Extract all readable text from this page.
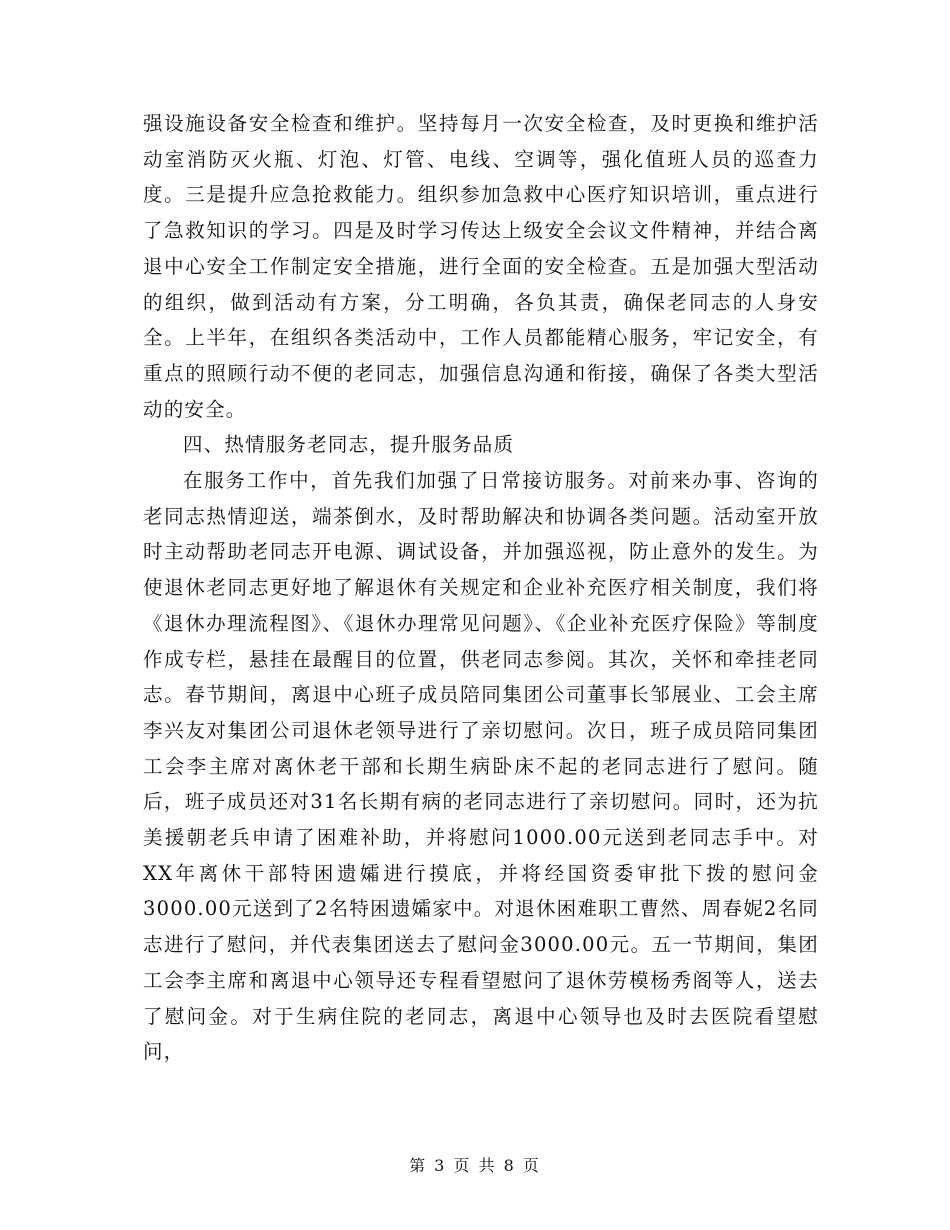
强设施设备安全检查和维护。坚持每月一次安全检查，及时更换和维护活动室消防灭火瓶、灯泡、灯管、电线、空调等，强化值班人员的巡查力度。三是提升应急抢救能力。组织参加急救中心医疗知识培训，重点进行了急救知识的学习。四是及时学习传达上级安全会议文件精神，并结合离退中心安全工作制定安全措施，进行全面的安全检查。五是加强大型活动的组织，做到活动有方案，分工明确，各负其责，确保老同志的人身安全。上半年，在组织各类活动中，工作人员都能精心服务，牢记安全，有重点的照顾行动不便的老同志，加强信息沟通和衔接，确保了各类大型活动的安全。

四、热情服务老同志，提升服务品质

在服务工作中，首先我们加强了日常接访服务。对前来办事、咨询的老同志热情迎送，端茶倒水，及时帮助解决和协调各类问题。活动室开放时主动帮助老同志开电源、调试设备，并加强巡视，防止意外的发生。为使退休老同志更好地了解退休有关规定和企业补充医疗相关制度，我们将《退休办理流程图》、《退休办理常见问题》、《企业补充医疗保险》等制度作成专栏，悬挂在最醒目的位置，供老同志参阅。其次，关怀和牵挂老同志。春节期间，离退中心班子成员陪同集团公司董事长邹展业、工会主席李兴友对集团公司退休老领导进行了亲切慰问。次日，班子成员陪同集团工会李主席对离休老干部和长期生病卧床不起的老同志进行了慰问。随后，班子成员还对31名长期有病的老同志进行了亲切慰问。同时，还为抗美援朝老兵申请了困难补助，并将慰问1000.00元送到老同志手中。对XX年离休干部特困遗孀进行摸底，并将经国资委审批下拨的慰问金3000.00元送到了2名特困遗孀家中。对退休困难职工曹然、周春妮2名同志进行了慰问，并代表集团送去了慰问金3000.00元。五一节期间，集团工会李主席和离退中心领导还专程看望慰问了退休劳模杨秀阁等人，送去了慰问金。对于生病住院的老同志，离退中心领导也及时去医院看望慰问，

第 3 页 共 8 页
